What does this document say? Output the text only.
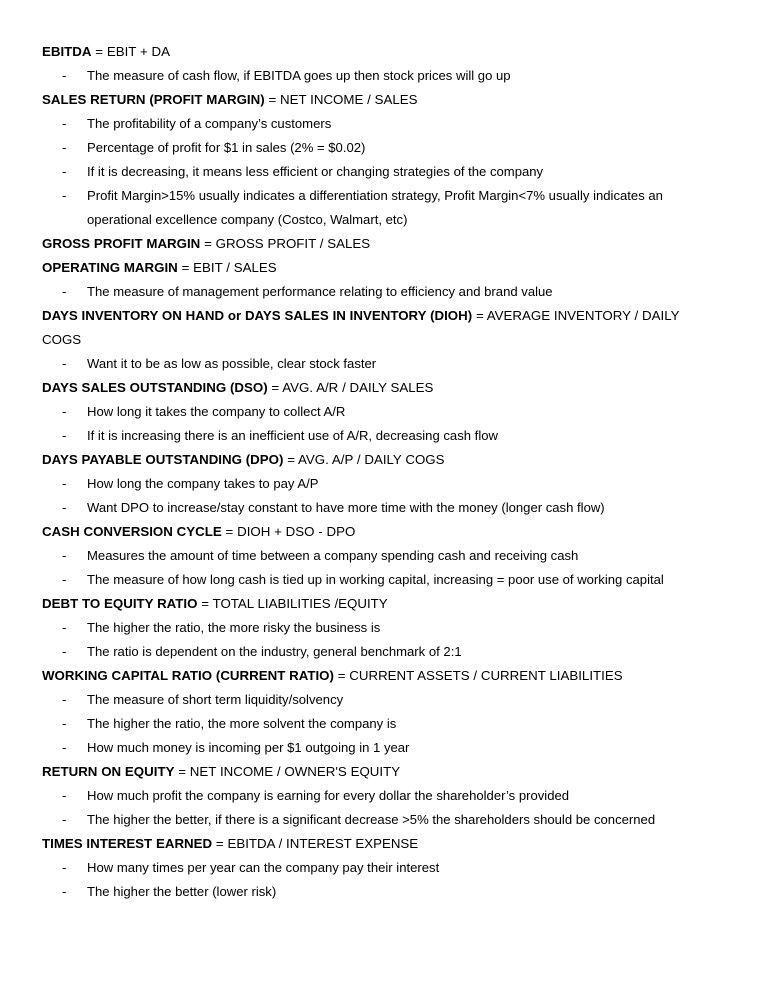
EBITDA = EBIT + DA

- The measure of cash flow, if EBITDA goes up then stock prices will go up

SALES RETURN (PROFIT MARGIN) = NET INCOME / SALES

- The profitability of a company’s customers

- Percentage of profit for $1 in sales (2% = $0.02)

- If it is decreasing, it means less efficient or changing strategies of the company

- Profit Margin>15% usually indicates a differentiation strategy, Profit Margin<7% usually indicates an operational excellence company (Costco, Walmart, etc)

GROSS PROFIT MARGIN = GROSS PROFIT / SALES

OPERATING MARGIN = EBIT / SALES

- The measure of management performance relating to efficiency and brand value

DAYS INVENTORY ON HAND or DAYS SALES IN INVENTORY (DIOH) = AVERAGE INVENTORY / DAILY COGS

- Want it to be as low as possible, clear stock faster

DAYS SALES OUTSTANDING (DSO) = AVG. A/R / DAILY SALES

- How long it takes the company to collect A/R

- If it is increasing there is an inefficient use of A/R, decreasing cash flow

DAYS PAYABLE OUTSTANDING (DPO) = AVG. A/P / DAILY COGS

- How long the company takes to pay A/P

- Want DPO to increase/stay constant to have more time with the money (longer cash flow)

CASH CONVERSION CYCLE = DIOH + DSO - DPO

- Measures the amount of time between a company spending cash and receiving cash

- The measure of how long cash is tied up in working capital, increasing = poor use of working capital

DEBT TO EQUITY RATIO = TOTAL LIABILITIES /EQUITY

- The higher the ratio, the more risky the business is

- The ratio is dependent on the industry, general benchmark of 2:1

WORKING CAPITAL RATIO (CURRENT RATIO) = CURRENT ASSETS / CURRENT LIABILITIES

- The measure of short term liquidity/solvency

- The higher the ratio, the more solvent the company is

- How much money is incoming per $1 outgoing in 1 year

RETURN ON EQUITY = NET INCOME / OWNER'S EQUITY

- How much profit the company is earning for every dollar the shareholder’s provided

- The higher the better, if there is a significant decrease >5% the shareholders should be concerned

TIMES INTEREST EARNED = EBITDA / INTEREST EXPENSE

- How many times per year can the company pay their interest

- The higher the better (lower risk)
